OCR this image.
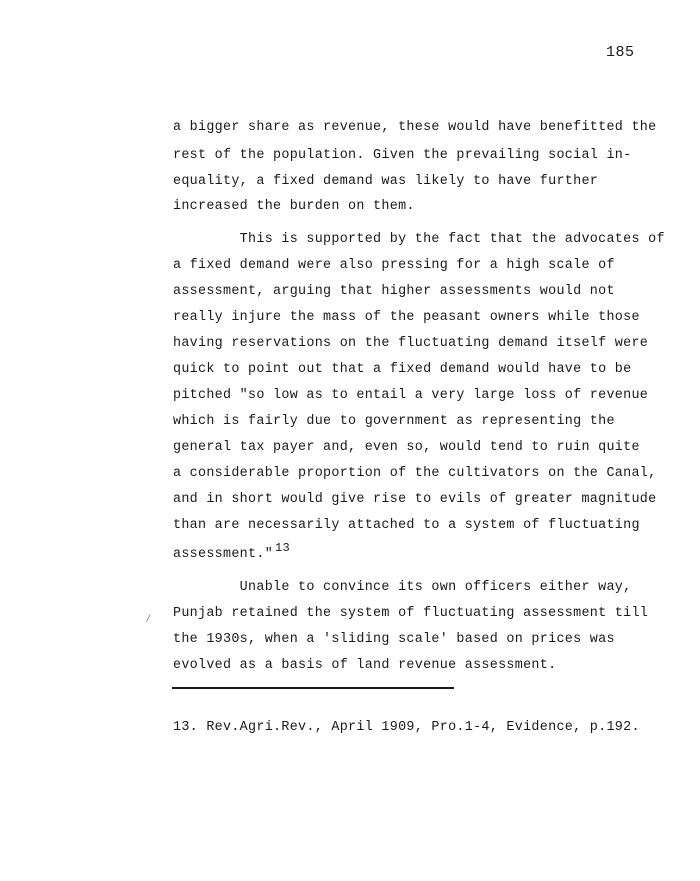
185
a bigger share as revenue, these would have benefitted the
rest of the population. Given the prevailing social in-
equality, a fixed demand was likely to have further
increased the burden on them.
This is supported by the fact that the advocates of
a fixed demand were also pressing for a high scale of
assessment, arguing that higher assessments would not
really injure the mass of the peasant owners while those
having reservations on the fluctuating demand itself were
quick to point out that a fixed demand would have to be
pitched "so low as to entail a very large loss of revenue
which is fairly due to government as representing the
general tax payer and, even so, would tend to ruin quite
a considerable proportion of the cultivators on the Canal,
and in short would give rise to evils of greater magnitude
than are necessarily attached to a system of fluctuating
assessment." 13
Unable to convince its own officers either way,
⁄ Punjab retained the system of fluctuating assessment till
the 1930s, when a 'sliding scale' based on prices was
evolved as a basis of land revenue assessment.
13. Rev.Agri.Rev., April 1909, Pro.1-4, Evidence, p.192.
